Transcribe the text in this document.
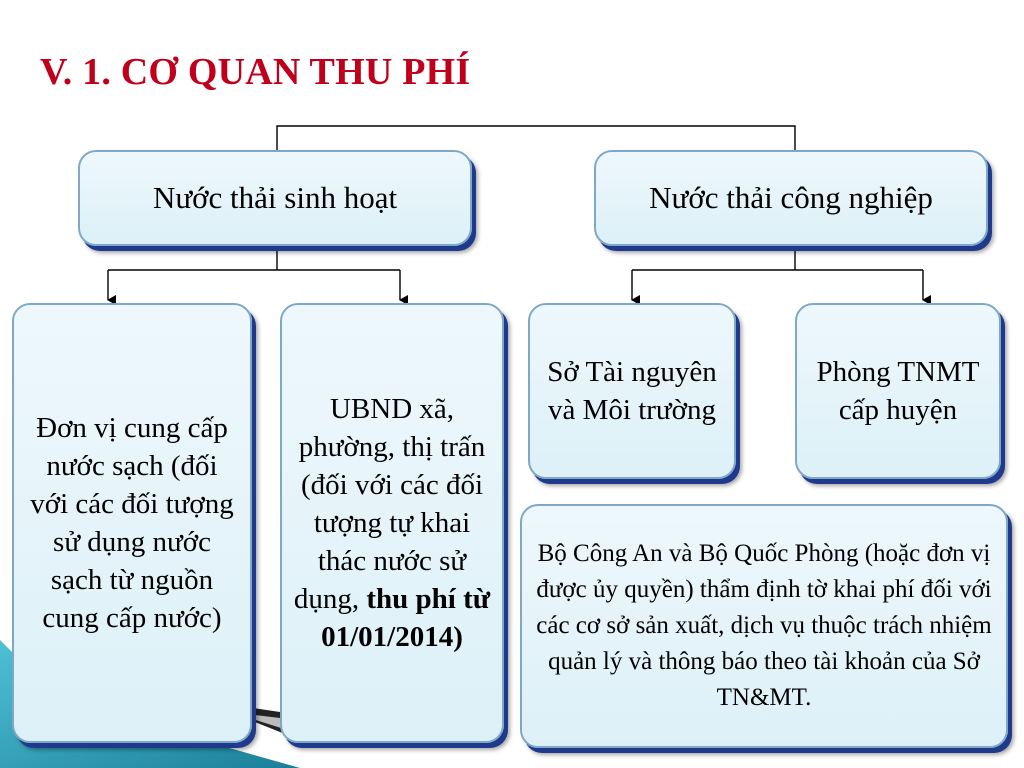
V. 1. CƠ QUAN THU PHÍ
Nước thải sinh hoạt	Nước thải công nghiệp
Đơn vị cung cấp nước sạch (đối với các đối tượng sử dụng nước sạch từ nguồn cung cấp nước)
UBND xã, phường, thị trấn (đối với các đối tượng tự khai thác nước sử dụng, thu phí từ 01/01/2014)
Sở Tài nguyên và Môi trường
Phòng TNMT cấp huyện
Bộ Công An và Bộ Quốc Phòng (hoặc đơn vị được ủy quyền) thẩm định tờ khai phí đối với các cơ sở sản xuất, dịch vụ thuộc trách nhiệm quản lý và thông báo theo tài khoản của Sở TN&MT.
